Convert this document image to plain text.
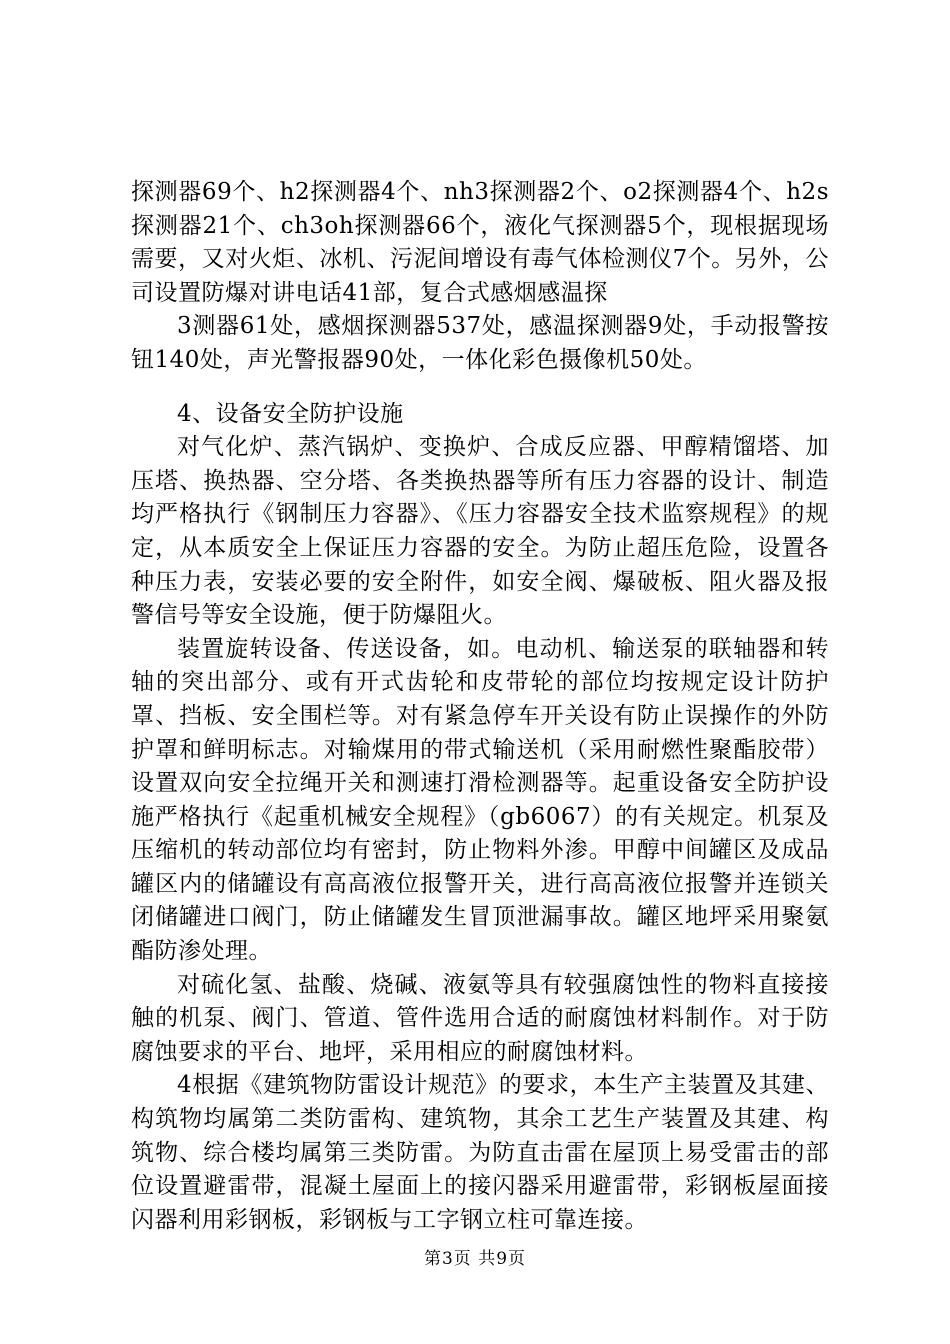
探测器69个、h2探测器4个、nh3探测器2个、o2探测器4个、h2s探测器21个、ch3oh探测器66个，液化气探测器5个，现根据现场需要，又对火炬、冰机、污泥间增设有毒气体检测仪7个。另外，公司设置防爆对讲电话41部，复合式感烟感温探

3测器61处，感烟探测器537处，感温探测器9处，手动报警按钮140处，声光警报器90处，一体化彩色摄像机50处。

4、设备安全防护设施

对气化炉、蒸汽锅炉、变换炉、合成反应器、甲醇精馏塔、加压塔、换热器、空分塔、各类换热器等所有压力容器的设计、制造均严格执行《钢制压力容器》、《压力容器安全技术监察规程》的规定，从本质安全上保证压力容器的安全。为防止超压危险，设置各种压力表，安装必要的安全附件，如安全阀、爆破板、阻火器及报警信号等安全设施，便于防爆阻火。

装置旋转设备、传送设备，如。电动机、输送泵的联轴器和转轴的突出部分、或有开式齿轮和皮带轮的部位均按规定设计防护罩、挡板、安全围栏等。对有紧急停车开关设有防止误操作的外防护罩和鲜明标志。对输煤用的带式输送机（采用耐燃性聚酯胶带）设置双向安全拉绳开关和测速打滑检测器等。起重设备安全防护设施严格执行《起重机械安全规程》（gb6067）的有关规定。机泵及压缩机的转动部位均有密封，防止物料外渗。甲醇中间罐区及成品罐区内的储罐设有高高液位报警开关，进行高高液位报警并连锁关闭储罐进口阀门，防止储罐发生冒顶泄漏事故。罐区地坪采用聚氨酯防渗处理。

对硫化氢、盐酸、烧碱、液氨等具有较强腐蚀性的物料直接接触的机泵、阀门、管道、管件选用合适的耐腐蚀材料制作。对于防腐蚀要求的平台、地坪，采用相应的耐腐蚀材料。

4根据《建筑物防雷设计规范》的要求，本生产主装置及其建、构筑物均属第二类防雷构、建筑物，其余工艺生产装置及其建、构筑物、综合楼均属第三类防雷。为防直击雷在屋顶上易受雷击的部位设置避雷带，混凝土屋面上的接闪器采用避雷带，彩钢板屋面接闪器利用彩钢板，彩钢板与工字钢立柱可靠连接。

第3页 共9页
